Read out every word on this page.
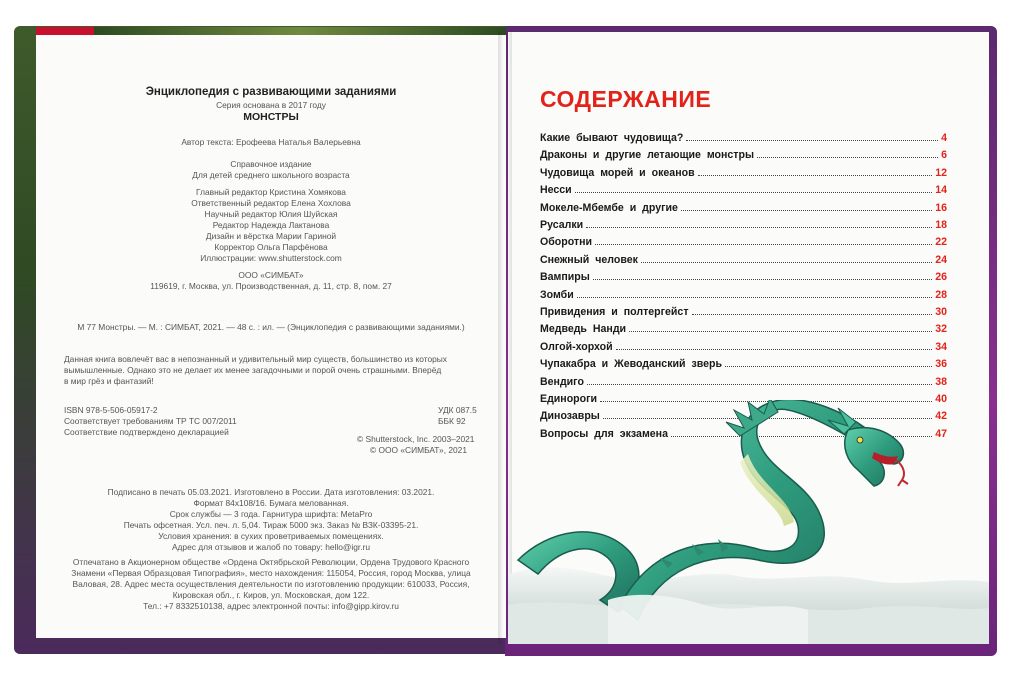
Энциклопедия с развивающими заданиями
Серия основана в 2017 году
МОНСТРЫ
Автор текста: Ерофеева Наталья Валерьевна
Справочное издание
Для детей среднего школьного возраста
Главный редактор Кристина Хомякова
Ответственный редактор Елена Хохлова
Научный редактор Юлия Шуйская
Редактор Надежда Лактанова
Дизайн и вёрстка Марии Гариной
Корректор Ольга Парфёнова
Иллюстрации: www.shutterstock.com
ООО «СИМБАТ»
119619, г. Москва, ул. Производственная, д. 11, стр. 8, пом. 27
М 77 Монстры. — М. : СИМБАТ, 2021. — 48 с. : ил. — (Энциклопедия с развивающими заданиями.)
Данная книга вовлечёт вас в непознанный и удивительный мир существ, большинство из которых
вымышленные. Однако это не делает их менее загадочными и порой очень страшными. Вперёд
в мир грёз и фантазий!
ISBN 978-5-506-05917-2	УДК 087.5
Соответствует требованиям ТР ТС 007/2011	ББК 92
Соответствие подтверждено декларацией
© Shutterstock, Inc. 2003–2021
© ООО «СИМБАТ», 2021
Подписано в печать 05.03.2021. Изготовлено в России. Дата изготовления: 03.2021.
Формат 84х108/16. Бумага мелованная.
Срок службы — 3 года. Гарнитура шрифта: MetaPro
Печать офсетная. Усл. печ. л. 5,04. Тираж 5000 экз. Заказ № ВЗК-03395-21.
Условия хранения: в сухих проветриваемых помещениях.
Адрес для отзывов и жалоб по товару: hello@igr.ru
Отпечатано в Акционерном обществе «Ордена Октябрьской Революции, Ордена Трудового Красного
Знамени «Первая Образцовая Типография», место нахождения: 115054, Россия, город Москва, улица
Валовая, 28. Адрес места осуществления деятельности по изготовлению продукции: 610033, Россия,
Кировская обл., г. Киров, ул. Московская, дом 122.
Тел.: +7 8332510138, адрес электронной почты: info@gipp.kirov.ru
СОДЕРЖАНИЕ
Какие бывают чудовища?	4
Драконы и другие летающие монстры	6
Чудовища морей и океанов	12
Несси	14
Мокеле-Мбембе и другие	16
Русалки	18
Оборотни	22
Снежный человек	24
Вампиры	26
Зомби	28
Привидения и полтергейст	30
Медведь Нанди	32
Олгой-хорхой	34
Чупакабра и Жеводанский зверь	36
Вендиго	38
Единороги	40
Динозавры	42
Вопросы для экзамена	47
